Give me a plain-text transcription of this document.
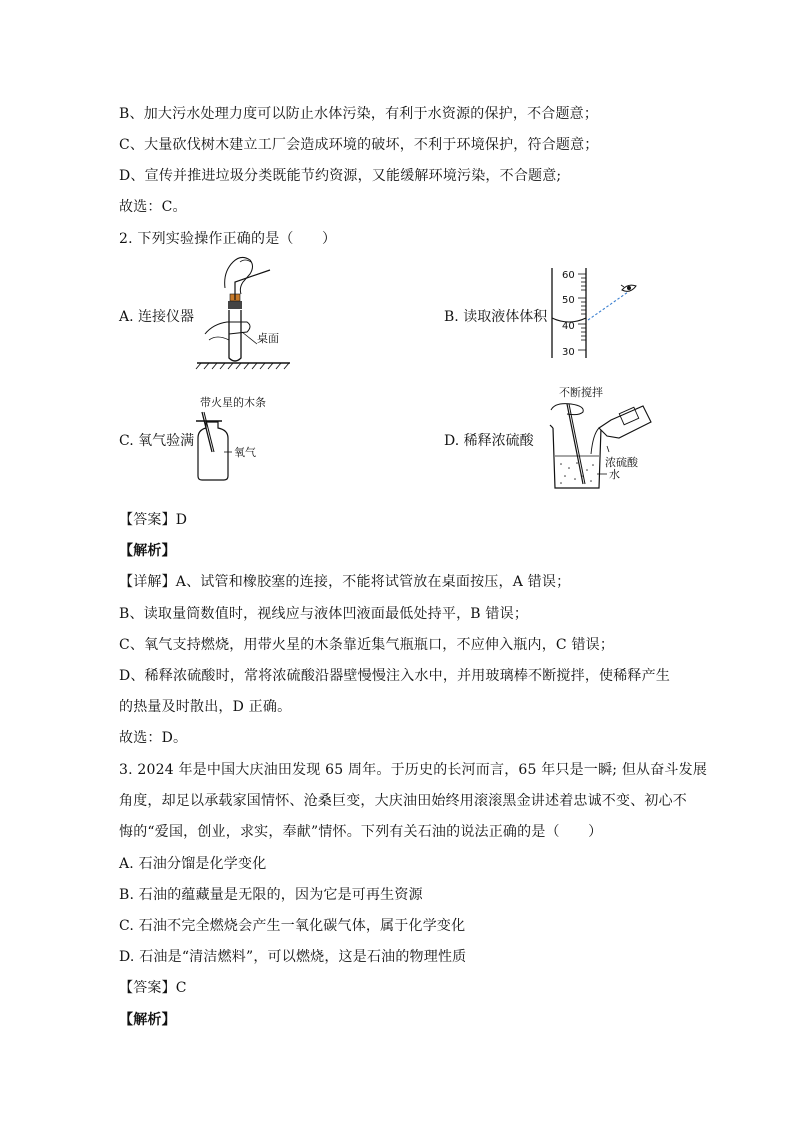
B、加大污水处理力度可以防止水体污染，有利于水资源的保护，不合题意；
C、大量砍伐树木建立工厂会造成环境的破坏，不利于环境保护，符合题意；
D、宣传并推进垃圾分类既能节约资源，又能缓解环境污染，不合题意;
故选：C。
2. 下列实验操作正确的是（　　）
A. 连接仪器	B. 读取液体体积
C. 氧气验满	D. 稀释浓硫酸
桌面
60
50
40
30
带火星的木条
氧气
不断搅拌
浓硫酸
水
【答案】D
【解析】
【详解】A、试管和橡胶塞的连接，不能将试管放在桌面按压，A 错误；
B、读取量筒数值时，视线应与液体凹液面最低处持平，B 错误；
C、氧气支持燃烧，用带火星的木条靠近集气瓶瓶口，不应伸入瓶内，C 错误；
D、稀释浓硫酸时，常将浓硫酸沿器壁慢慢注入水中，并用玻璃棒不断搅拌，使稀释产生
的热量及时散出，D 正确。
故选：D。
3. 2024 年是中国大庆油田发现 65 周年。于历史的长河而言，65 年只是一瞬; 但从奋斗发展
角度，却足以承载家国情怀、沧桑巨变，大庆油田始终用滚滚黑金讲述着忠诚不变、初心不
悔的“爱国，创业，求实，奉献”情怀。下列有关石油的说法正确的是（　　）
A. 石油分馏是化学变化
B. 石油的蕴藏量是无限的，因为它是可再生资源
C. 石油不完全燃烧会产生一氧化碳气体，属于化学变化
D. 石油是“清洁燃料”，可以燃烧，这是石油的物理性质
【答案】C
【解析】
